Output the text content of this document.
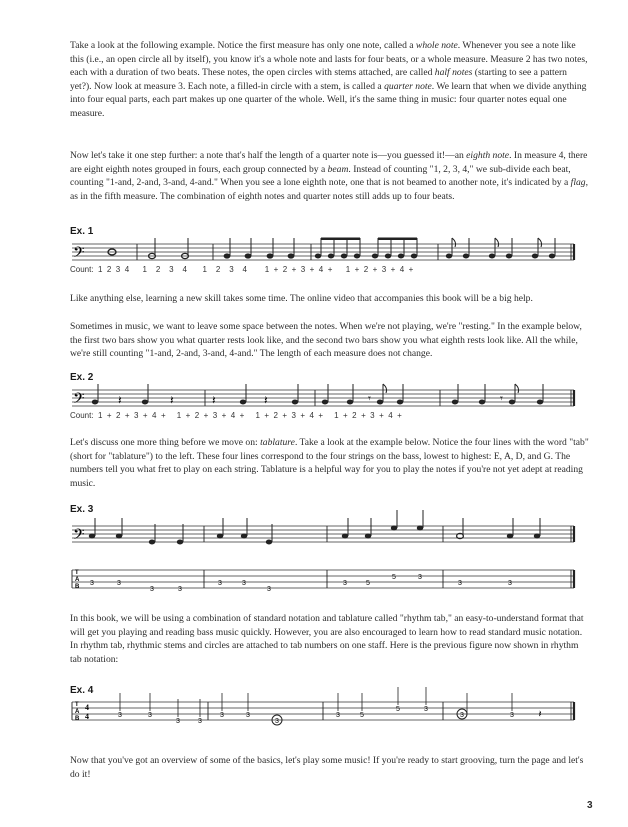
Take a look at the following example. Notice the first measure has only one note, called a whole note. Whenever you see a note like this (i.e., an open circle all by itself), you know it's a whole note and lasts for four beats, or a whole measure. Measure 2 has two notes, each with a duration of two beats. These notes, the open circles with stems attached, are called half notes (starting to see a pattern yet?). Now look at measure 3. Each note, a filled-in circle with a stem, is called a quarter note. We learn that when we divide anything into four equal parts, each part makes up one quarter of the whole. Well, it's the same thing in music: four quarter notes equal one measure.

Now let's take it one step further: a note that's half the length of a quarter note is—you guessed it!—an eighth note. In measure 4, there are eight eighth notes grouped in fours, each group connected by a beam. Instead of counting "1, 2, 3, 4," we sub-divide each beat, counting "1-and, 2-and, 3-and, 4-and." When you see a lone eighth note, one that is not beamed to another note, it's indicated by a flag, as in the fifth measure. The combination of eighth notes and quarter notes still adds up to four beats.

Ex. 1
𝄢
Count:  1  2  3  4      1    2    3    4       1    2    3    4        1  +  2  +  3  +  4  +      1  +  2  +  3  +  4  +

Like anything else, learning a new skill takes some time. The online video that accompanies this book will be a big help.

Sometimes in music, we want to leave some space between the notes. When we're not playing, we're "resting." In the example below, the first two bars show you what quarter rests look like, and the second two bars show you what eighth rests look like. All the while, we're still counting "1-and, 2-and, 3-and, 4-and." The length of each measure does not change.

Ex. 2
𝄢	𝄽	𝄽	𝄽	𝄽	𝄾	𝄾
Count:  1  +  2  +  3  +  4  +     1  +  2  +  3  +  4  +     1  +  2  +  3  +  4  +     1  +  2  +  3  +  4  +

Let's discuss one more thing before we move on: tablature. Take a look at the example below. Notice the four lines with the word "tab" (short for "tablature") to the left. These four lines correspond to the four strings on the bass, lowest to highest: E, A, D, and G. The numbers tell you what fret to play on each string. Tablature is a helpful way for you to play the notes if you're not yet adept at reading music.

Ex. 3
𝄢
T
A
B 3	3
3	3
3	3
3
3	5
5	3
3	3

In this book, we will be using a combination of standard notation and tablature called "rhythm tab," an easy-to-understand format that will get you playing and reading bass music quickly. However, you are also encouraged to learn how to read standard music notation. In rhythm tab, rhythmic stems and circles are attached to tab numbers on one staff. Here is the previous figure now shown in rhythm tab notation:

Ex. 4
T
A
B
4
4	3	3
3	3
3	3
3
3	5
5	3
3	3 𝄽

Now that you've got an overview of some of the basics, let's play some music! If you're ready to start grooving, turn the page and let's do it!

3
